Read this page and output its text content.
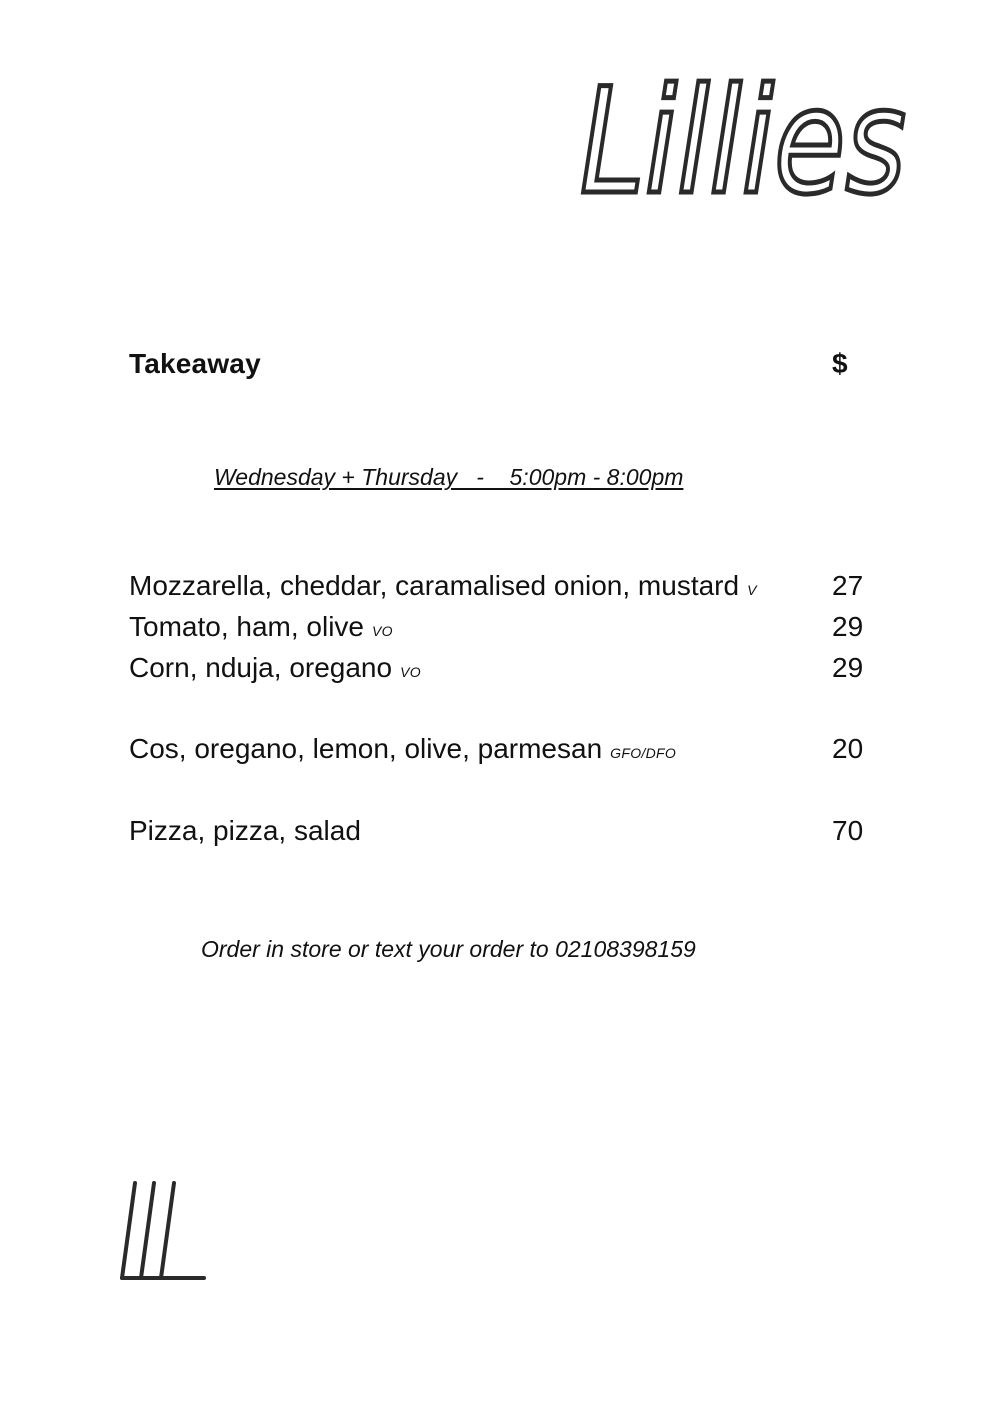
Lillies
Takeaway	$
Wednesday + Thursday   -    5:00pm - 8:00pm
Mozzarella, cheddar, caramalised onion, mustard V	27
Tomato, ham, olive VO	29
Corn, nduja, oregano VO	29
Cos, oregano, lemon, olive, parmesan GFO/DFO	20
Pizza, pizza, salad	70
Order in store or text your order to 02108398159
